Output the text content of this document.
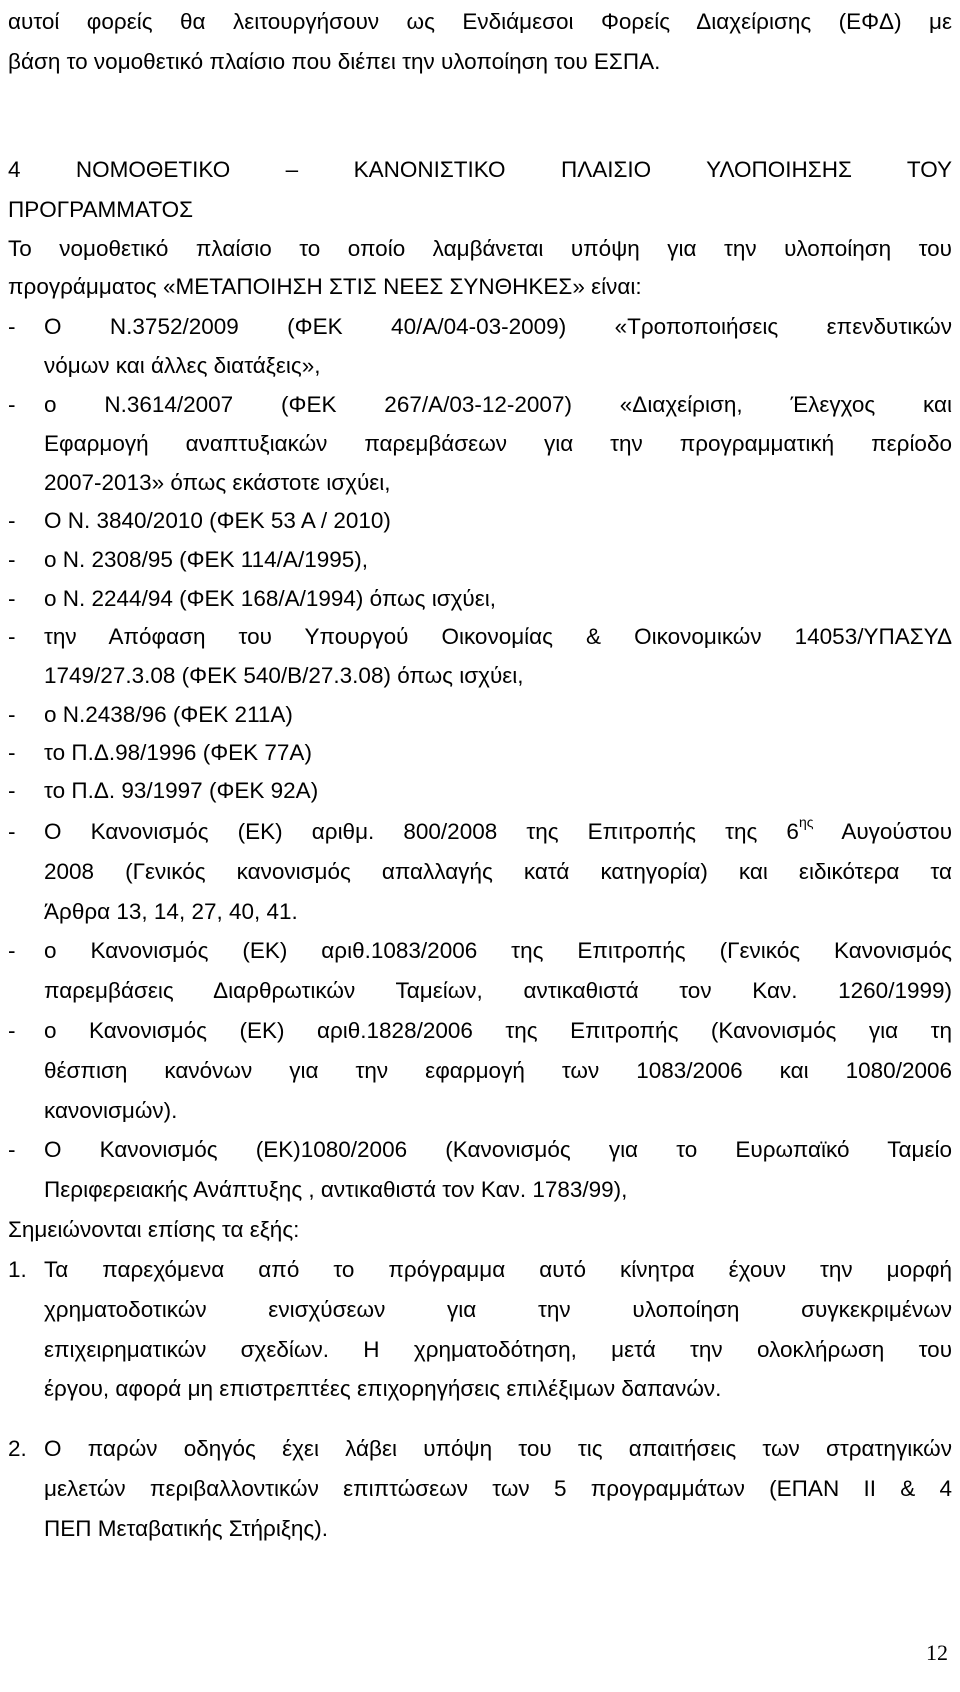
αυτοί φορείς θα λειτουργήσουν ως Ενδιάμεσοι Φορείς Διαχείρισης (ΕΦΔ) με
βάση το νομοθετικό πλαίσιο που διέπει την υλοποίηση του ΕΣΠΑ.
4 ΝΟΜΟΘΕΤΙΚΟ – ΚΑΝΟΝΙΣΤΙΚΟ ΠΛΑΙΣΙΟ ΥΛΟΠΟΙΗΣΗΣ ΤΟΥ
ΠΡΟΓΡΑΜΜΑΤΟΣ
Το νομοθετικό πλαίσιο το οποίο λαμβάνεται υπόψη για την υλοποίηση του
προγράμματος «ΜΕΤΑΠΟΙΗΣΗ ΣΤΙΣ ΝΕΕΣ ΣΥΝΘΗΚΕΣ» είναι:
- Ο Ν.3752/2009 (ΦΕΚ 40/Α/04-03-2009) «Τροποποιήσεις επενδυτικών
νόμων και άλλες διατάξεις»,
- ο Ν.3614/2007 (ΦΕΚ 267/Α/03-12-2007) «Διαχείριση, Έλεγχος και
Εφαρμογή αναπτυξιακών παρεμβάσεων για την προγραμματική περίοδο
2007-2013» όπως εκάστοτε ισχύει,
- Ο Ν. 3840/2010 (ΦΕΚ 53 Α / 2010)
- ο Ν. 2308/95 (ΦΕΚ 114/Α/1995),
- ο Ν. 2244/94 (ΦΕΚ 168/Α/1994) όπως ισχύει,
- την Απόφαση του Υπουργού Οικονομίας & Οικονομικών 14053/ΥΠΑΣΥΔ
1749/27.3.08 (ΦΕΚ 540/Β/27.3.08) όπως ισχύει,
- ο Ν.2438/96 (ΦΕΚ 211Α)
- το Π.Δ.98/1996 (ΦΕΚ 77Α)
- το Π.Δ. 93/1997 (ΦΕΚ 92Α)
- Ο Κανονισμός (ΕΚ) αριθμ. 800/2008 της Επιτροπής της $6^{\eta\varsigma}$ Αυγούστου
2008 (Γενικός κανονισμός απαλλαγής κατά κατηγορία) και ειδικότερα τα
Άρθρα 13, 14, 27, 40, 41.
- ο Κανονισμός (ΕΚ) αριθ.1083/2006 της Επιτροπής (Γενικός Κανονισμός
παρεμβάσεις Διαρθρωτικών Ταμείων, αντικαθιστά τον Καν. 1260/1999)
- ο Κανονισμός (ΕΚ) αριθ.1828/2006 της Επιτροπής (Κανονισμός για τη
θέσπιση κανόνων για την εφαρμογή των 1083/2006 και 1080/2006
κανονισμών).
- Ο Κανονισμός (ΕΚ)1080/2006 (Κανονισμός για το Ευρωπαϊκό Ταμείο
Περιφερειακής Ανάπτυξης , αντικαθιστά τον Καν. 1783/99),
Σημειώνονται επίσης τα εξής:
1. Τα παρεχόμενα από το πρόγραμμα αυτό κίνητρα έχουν την μορφή
χρηματοδοτικών ενισχύσεων για την υλοποίηση συγκεκριμένων
επιχειρηματικών σχεδίων. Η χρηματοδότηση, μετά την ολοκλήρωση του
έργου, αφορά μη επιστρεπτέες επιχορηγήσεις επιλέξιμων δαπανών.
2. Ο παρών οδηγός έχει λάβει υπόψη του τις απαιτήσεις των στρατηγικών
μελετών περιβαλλοντικών επιπτώσεων των 5 προγραμμάτων (ΕΠΑΝ ΙΙ & 4
ΠΕΠ Μεταβατικής Στήριξης).
12
